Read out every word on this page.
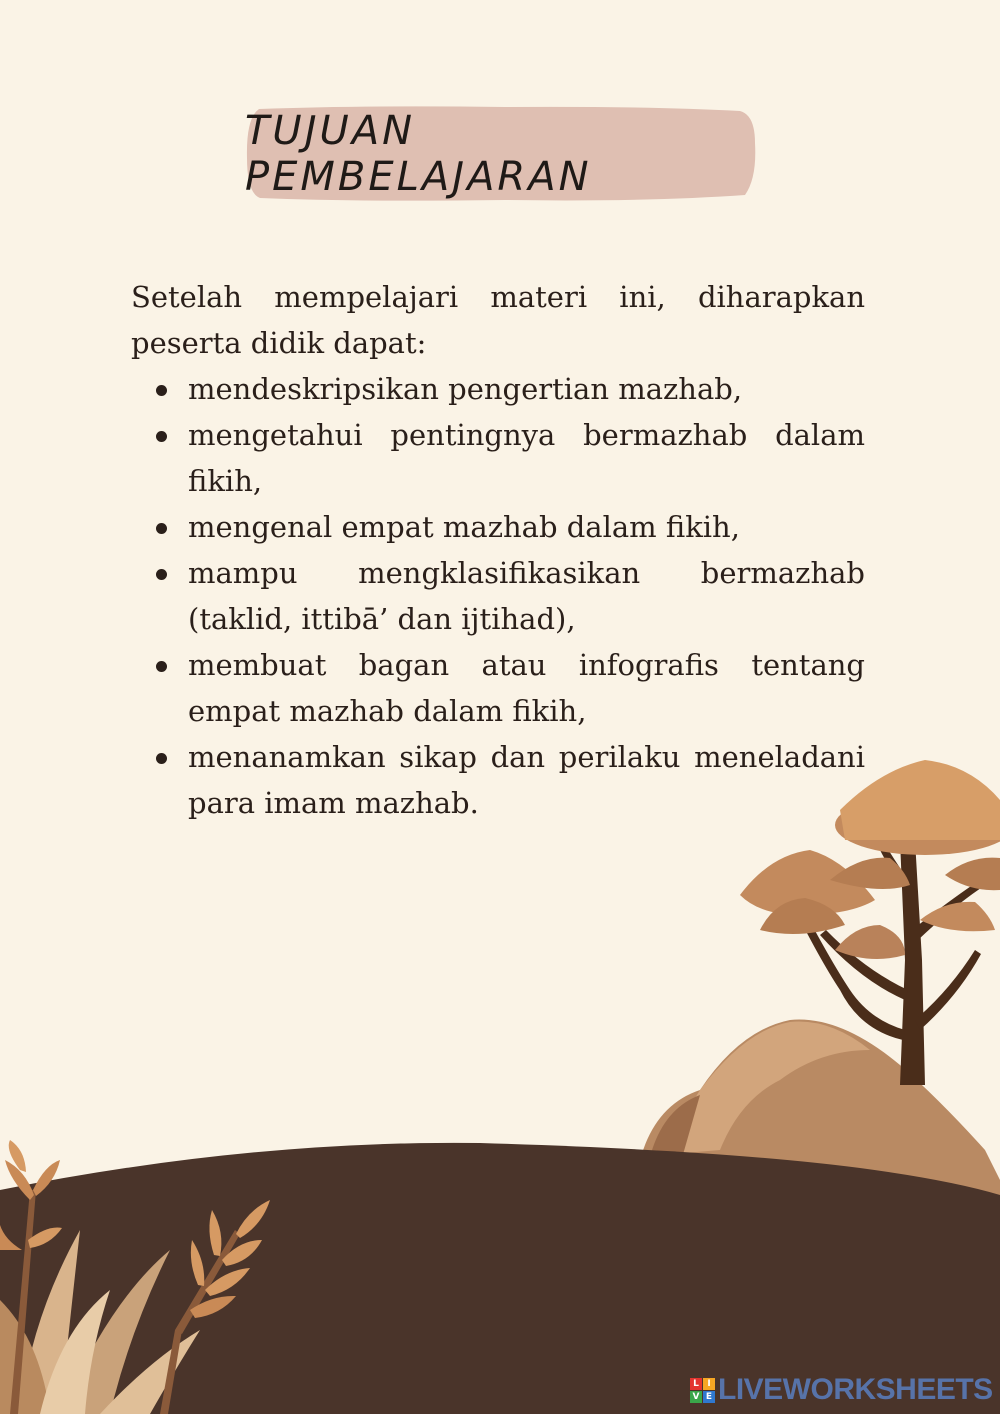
TUJUAN PEMBELAJARAN

Setelah mempelajari materi ini, diharapkan peserta didik dapat:

mendeskripsikan pengertian mazhab,
mengetahui pentingnya bermazhab dalam fikih,
mengenal empat mazhab dalam fikih,
mampu mengklasifikasikan bermazhab (taklid, ittibā’ dan ijtihad),
membuat bagan atau infografis tentang empat mazhab dalam fikih,
menanamkan sikap dan perilaku meneladani para imam mazhab.
L I
V E LIVEWORKSHEETS
